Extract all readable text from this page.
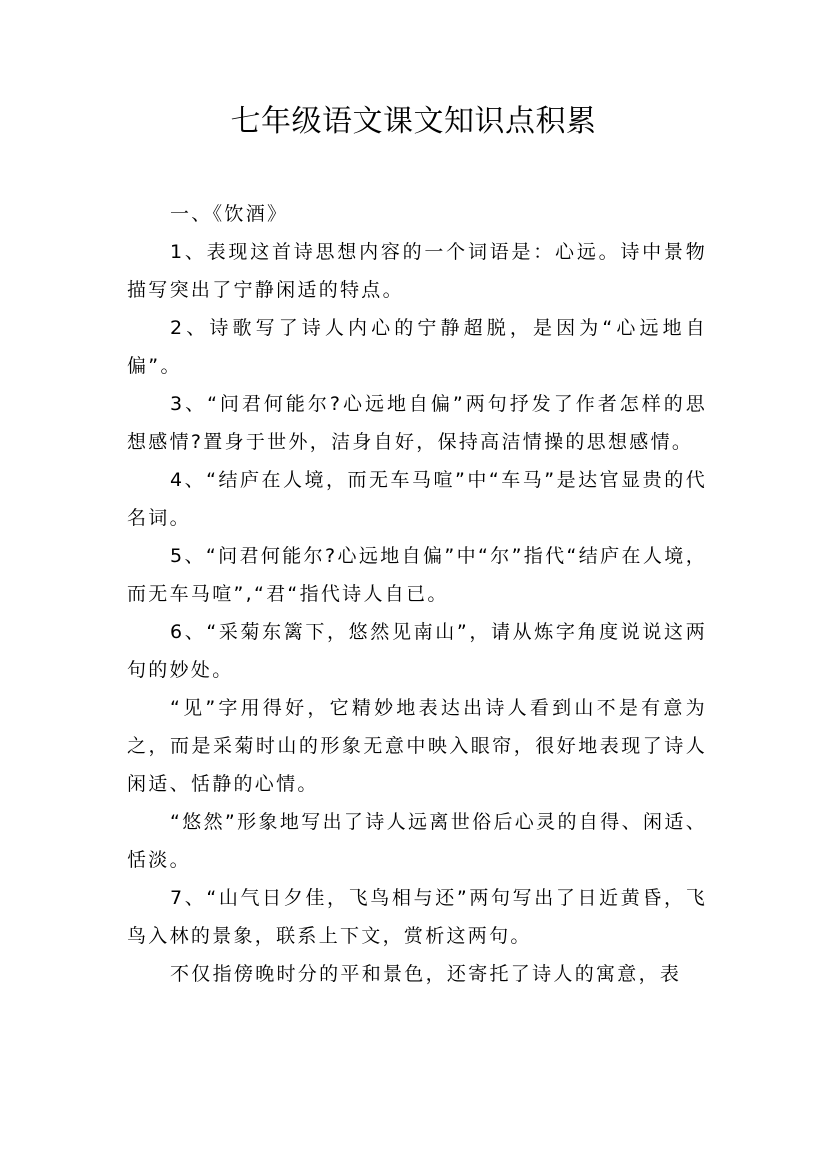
七年级语文课文知识点积累

一、《饮酒》

1、表现这首诗思想内容的一个词语是：心远。诗中景物描写突出了宁静闲适的特点。

2、诗歌写了诗人内心的宁静超脱，是因为“心远地自偏”。

3、“问君何能尔?心远地自偏”两句抒发了作者怎样的思想感情?置身于世外，洁身自好，保持高洁情操的思想感情。

4、“结庐在人境，而无车马喧”中“车马”是达官显贵的代名词。

5、“问君何能尔?心远地自偏”中“尔”指代“结庐在人境，而无车马喧”,“君“指代诗人自已。

6、“采菊东篱下，悠然见南山”，请从炼字角度说说这两句的妙处。

“见”字用得好，它精妙地表达出诗人看到山不是有意为之，而是采菊时山的形象无意中映入眼帘，很好地表现了诗人闲适、恬静的心情。

“悠然”形象地写出了诗人远离世俗后心灵的自得、闲适、恬淡。

7、“山气日夕佳，飞鸟相与还”两句写出了日近黄昏，飞鸟入林的景象，联系上下文，赏析这两句。

不仅指傍晚时分的平和景色，还寄托了诗人的寓意，表
